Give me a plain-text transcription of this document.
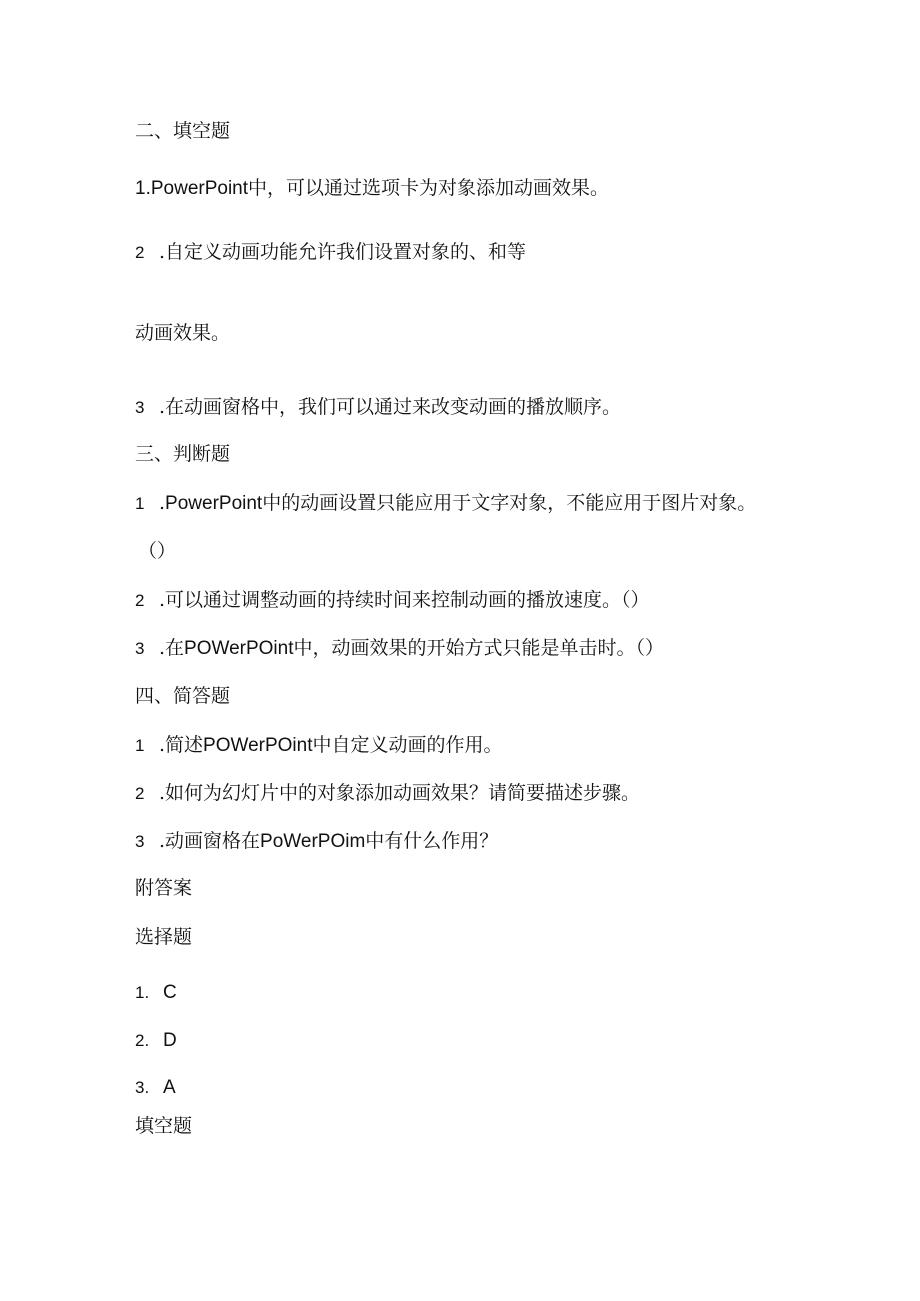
二、填空题
1.PowerPoint中，可以通过选项卡为对象添加动画效果。
2 .自定义动画功能允许我们设置对象的、和等
动画效果。
3 .在动画窗格中，我们可以通过来改变动画的播放顺序。
三、判断题
1 .PowerPoint中的动画设置只能应用于文字对象，不能应用于图片对象。
（）
2 .可以通过调整动画的持续时间来控制动画的播放速度。（）
3 .在POWerPOint中，动画效果的开始方式只能是单击时。（）
四、简答题
1 .简述POWerPOint中自定义动画的作用。
2 .如何为幻灯片中的对象添加动画效果？请简要描述步骤。
3 .动画窗格在PoWerPOim中有什么作用？
附答案
选择题
1. C
2. D
3. A
填空题
